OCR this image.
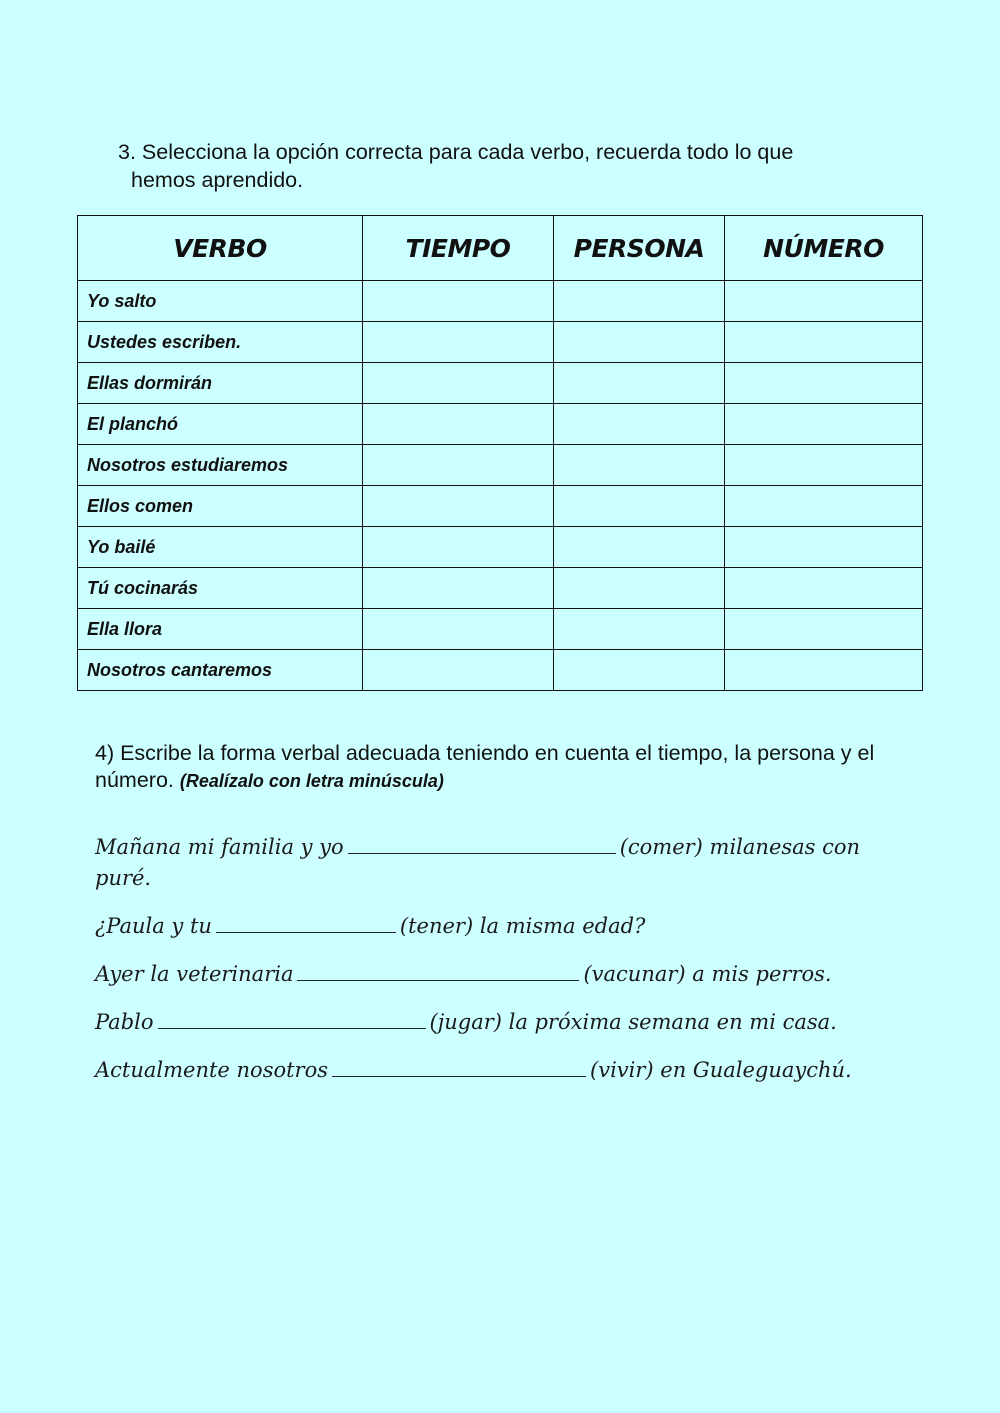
3. Selecciona la opción correcta para cada verbo, recuerda todo lo que
hemos aprendido.

VERBO	TIEMPO	PERSONA	NÚMERO
Yo salto			
Ustedes escriben.			
Ellas dormirán			
El planchó			
Nosotros estudiaremos			
Ellos comen			
Yo bailé			
Tú cocinarás			
Ella llora			
Nosotros cantaremos			

4) Escribe la forma verbal adecuada teniendo en cuenta el tiempo, la persona y el número. (Realízalo con letra minúscula)

Mañana mi familia y yo	(comer) milanesas con puré.

¿Paula y tu	(tener) la misma edad?

Ayer la veterinaria	(vacunar) a mis perros.

Pablo	(jugar) la próxima semana en mi casa.

Actualmente nosotros	(vivir) en Gualeguaychú.
